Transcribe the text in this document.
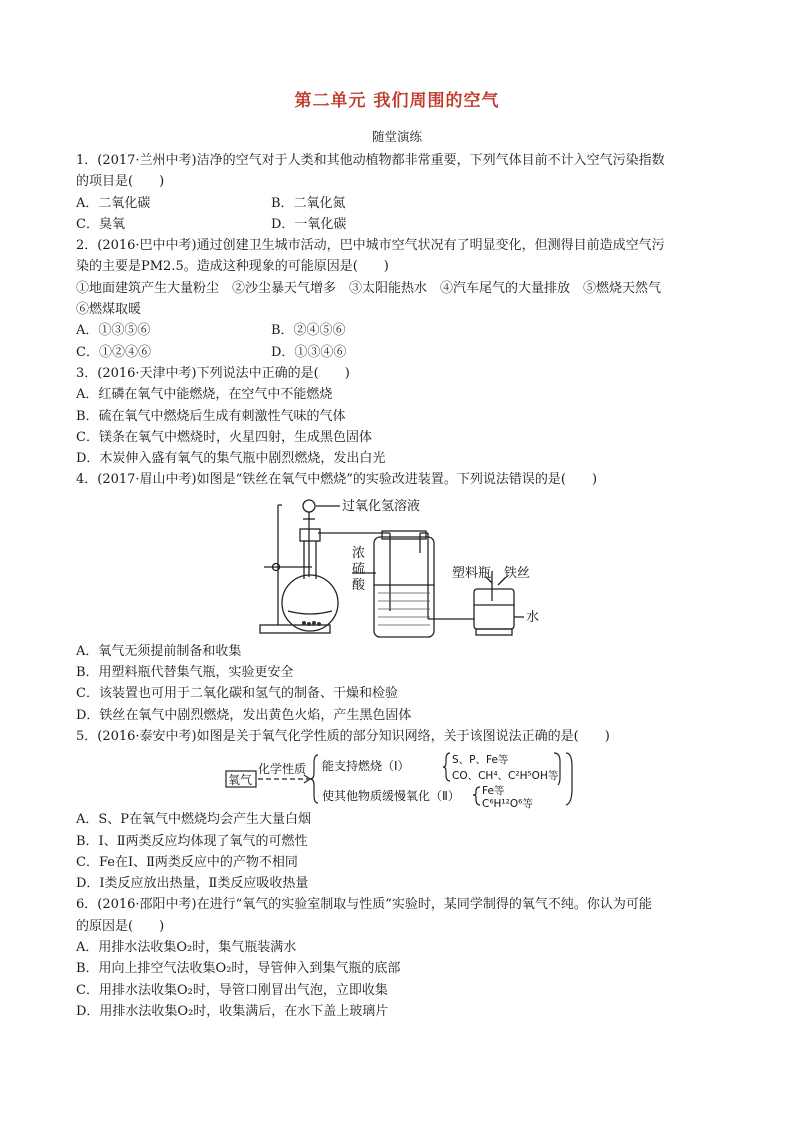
第二单元 我们周围的空气
随堂演练
1．(2017·兰州中考)洁净的空气对于人类和其他动植物都非常重要，下列气体目前不计入空气污染指数
的项目是(　　)
A．二氧化碳	B．二氧化氮
C．臭氧	D．一氧化碳
2．(2016·巴中中考)通过创建卫生城市活动，巴中城市空气状况有了明显变化，但测得目前造成空气污
染的主要是PM2.5。造成这种现象的可能原因是(　　)
①地面建筑产生大量粉尘　②沙尘暴天气增多　③太阳能热水　④汽车尾气的大量排放　⑤燃烧天然气
⑥燃煤取暖
A．①③⑤⑥	B．②④⑤⑥
C．①②④⑥	D．①③④⑥
3．(2016·天津中考)下列说法中正确的是(　　)
A．红磷在氧气中能燃烧，在空气中不能燃烧
B．硫在氧气中燃烧后生成有刺激性气味的气体
C．镁条在氧气中燃烧时，火星四射，生成黑色固体
D．木炭伸入盛有氧气的集气瓶中剧烈燃烧，发出白光
4．(2017·眉山中考)如图是“铁丝在氧气中燃烧”的实验改进装置。下列说法错误的是(　　)
过氧化氢溶液
浓
硫
酸
塑料瓶 铁丝
水
A．氧气无须提前制备和收集
B．用塑料瓶代替集气瓶，实验更安全
C．该装置也可用于二氧化碳和氢气的制备、干燥和检验
D．铁丝在氧气中剧烈燃烧，发出黄色火焰，产生黑色固体
5．(2016·泰安中考)如图是关于氧气化学性质的部分知识网络，关于该图说法正确的是(　　)
氧气
化学性质 能支持燃烧（Ⅰ）	S、P、Fe等
CO、CH⁴、C²H⁵OH等
使其他物质缓慢氧化（Ⅱ） Fe等
C⁶H¹²O⁶等
A．S、P在氧气中燃烧均会产生大量白烟
B．Ⅰ、Ⅱ两类反应均体现了氧气的可燃性
C．Fe在Ⅰ、Ⅱ两类反应中的产物不相同
D．Ⅰ类反应放出热量，Ⅱ类反应吸收热量
6．(2016·邵阳中考)在进行“氧气的实验室制取与性质”实验时，某同学制得的氧气不纯。你认为可能
的原因是(　　)
A．用排水法收集O₂时，集气瓶装满水
B．用向上排空气法收集O₂时，导管伸入到集气瓶的底部
C．用排水法收集O₂时，导管口刚冒出气泡，立即收集
D．用排水法收集O₂时，收集满后，在水下盖上玻璃片
